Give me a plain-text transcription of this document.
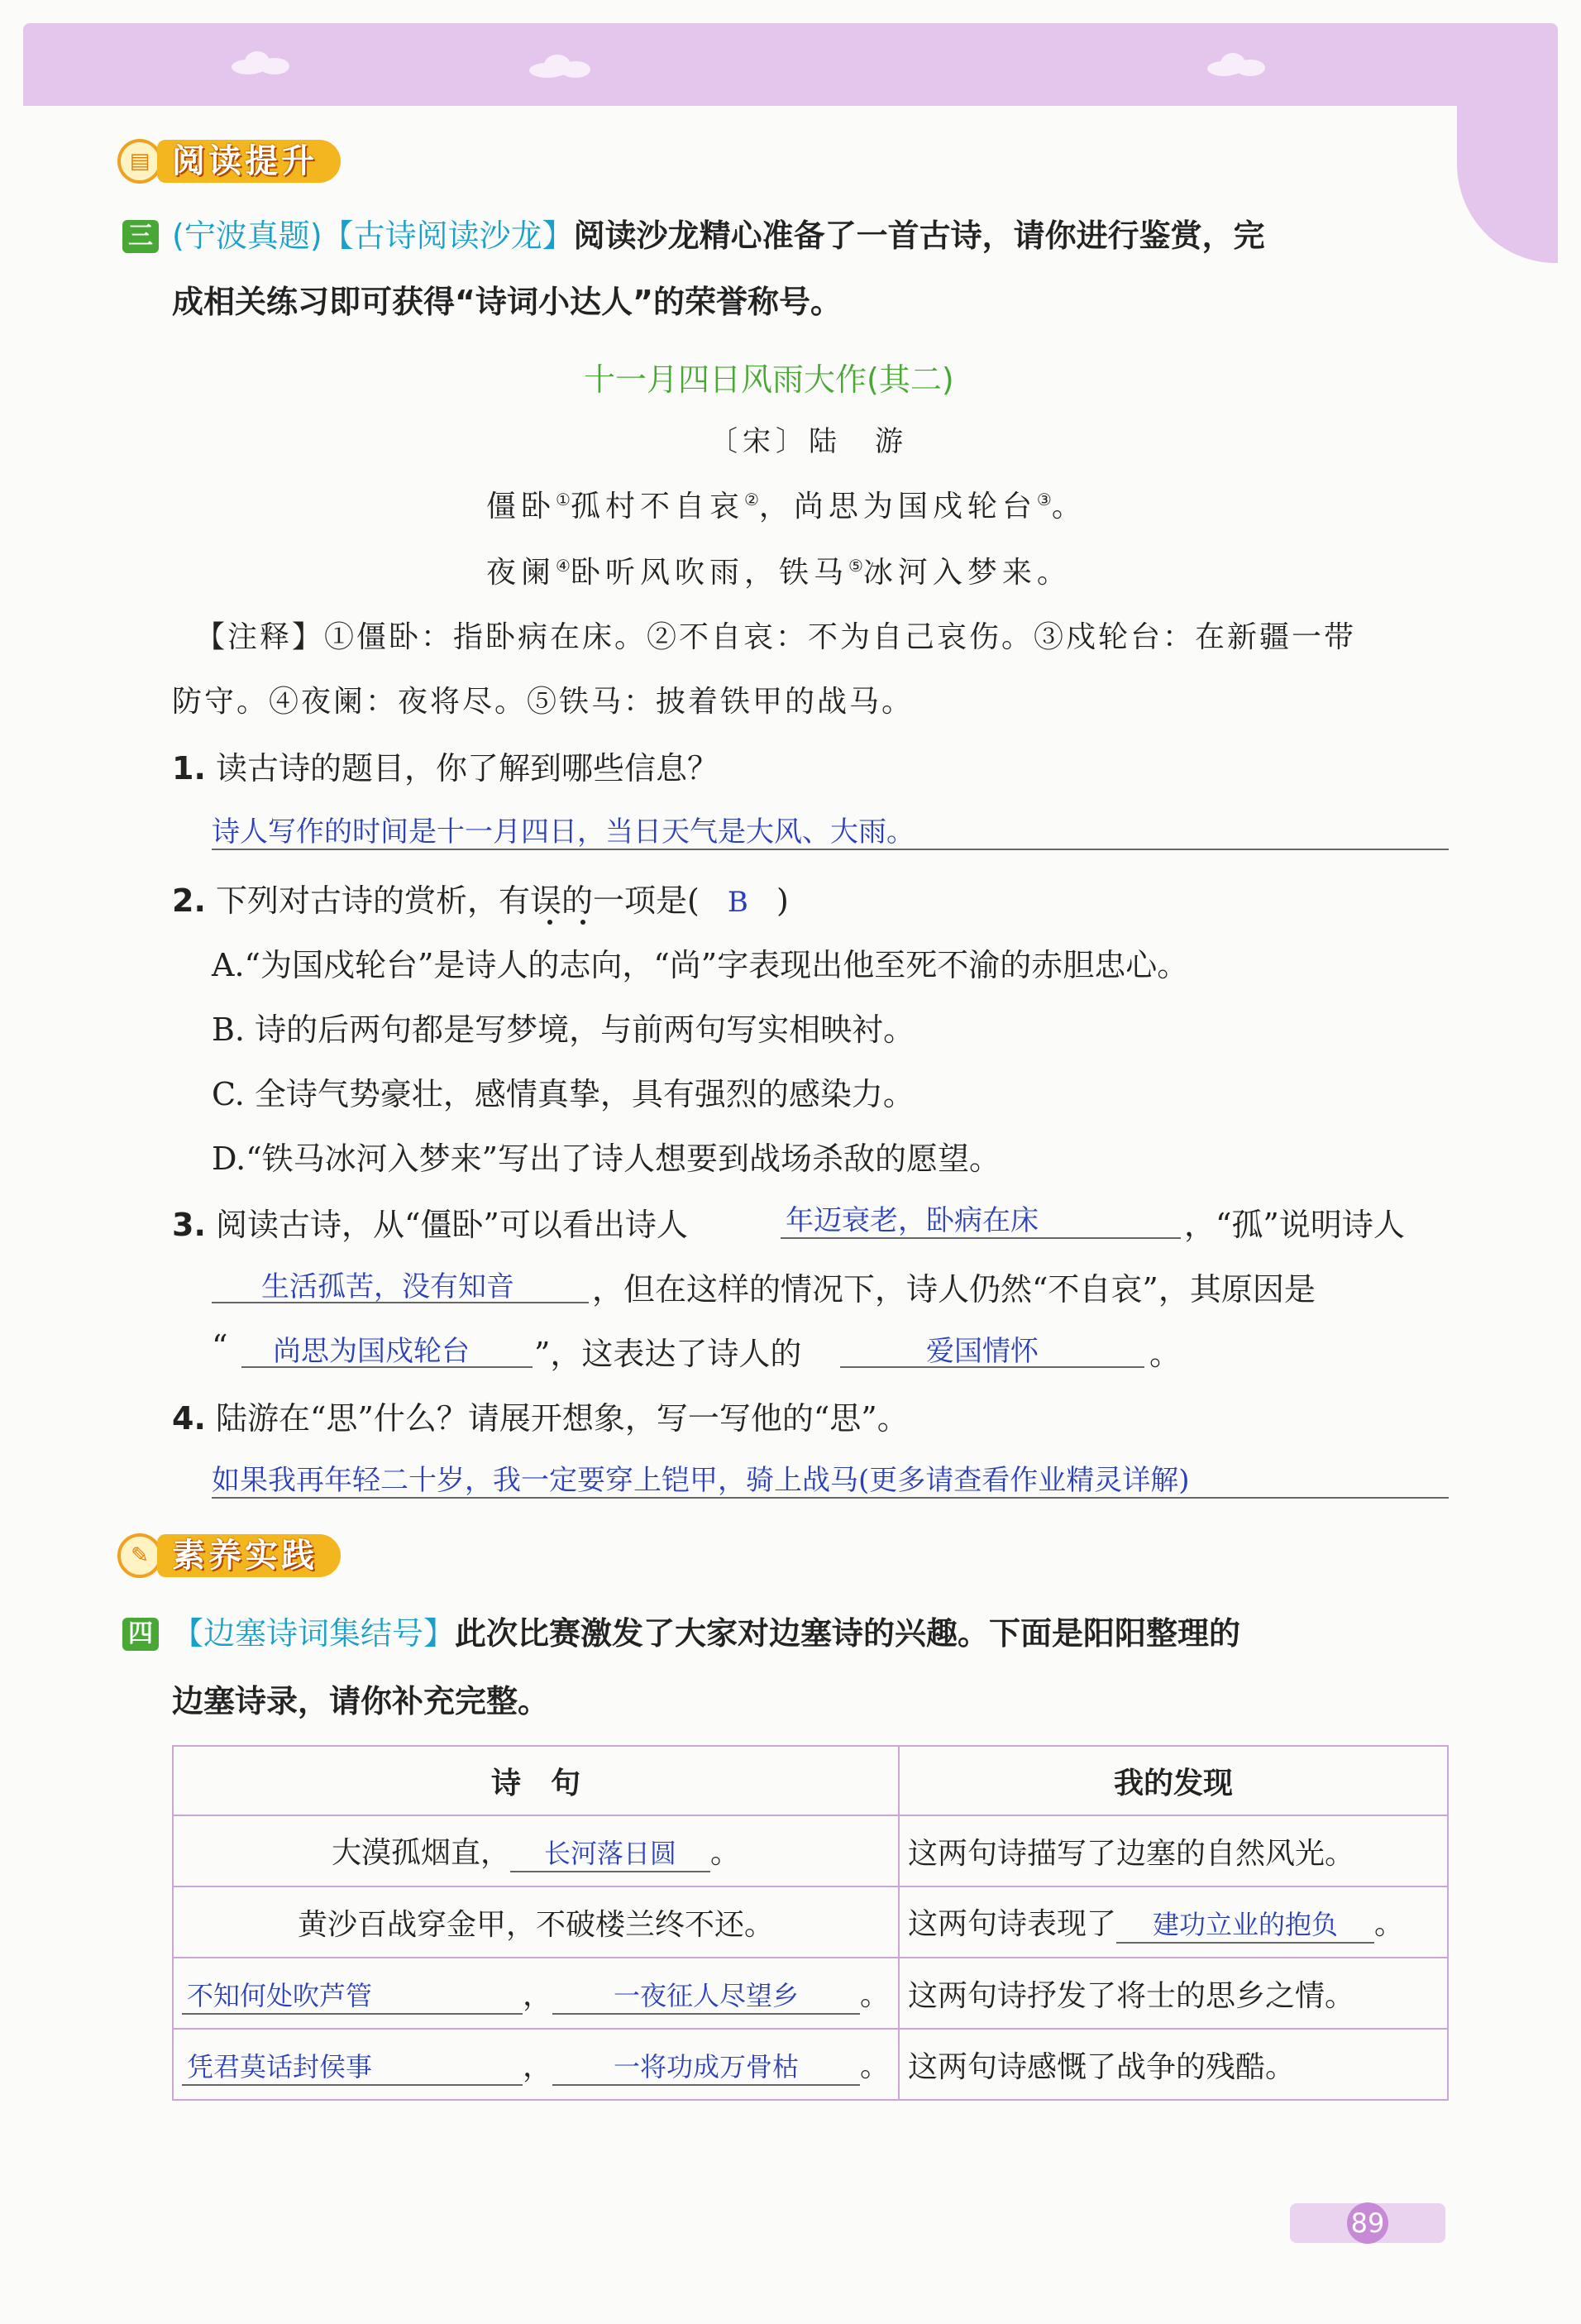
▤ 阅读提升
三 (宁波真题)【古诗阅读沙龙】阅读沙龙精心准备了一首古诗，请你进行鉴赏，完
成相关练习即可获得“诗词小达人”的荣誉称号。
十一月四日风雨大作(其二)
〔宋〕陆　游
僵卧①孤村不自哀②，尚思为国戍轮台③。
夜阑④卧听风吹雨，铁马⑤冰河入梦来。
【注释】①僵卧：指卧病在床。②不自哀：不为自己哀伤。③戍轮台：在新疆一带
防守。④夜阑：夜将尽。⑤铁马：披着铁甲的战马。
1. 读古诗的题目，你了解到哪些信息？
诗人写作的时间是十一月四日，当日天气是大风、大雨。
2. 下列对古诗的赏析，有误的一项是( B )
A.“为国戍轮台”是诗人的志向，“尚”字表现出他至死不渝的赤胆忠心。
B. 诗的后两句都是写梦境，与前两句写实相映衬。
C. 全诗气势豪壮，感情真挚，具有强烈的感染力。
D.“铁马冰河入梦来”写出了诗人想要到战场杀敌的愿望。
3. 阅读古诗，从“僵卧”可以看出诗人	年迈衰老，卧病在床	，“孤”说明诗人
生活孤苦，没有知音 ，但在这样的情况下，诗人仍然“不自哀”，其原因是
“ 尚思为国戍轮台 ”，这表达了诗人的	爱国情怀	。
4. 陆游在“思”什么？请展开想象，写一写他的“思”。
如果我再年轻二十岁，我一定要穿上铠甲，骑上战马(更多请查看作业精灵详解)
✎ 素养实践
四 【边塞诗词集结号】此次比赛激发了大家对边塞诗的兴趣。下面是阳阳整理的
边塞诗录，请你补充完整。
诗　句	我的发现
大漠孤烟直， 长河落日圆 。	这两句诗描写了边塞的自然风光。
黄沙百战穿金甲，不破楼兰终不还。	这两句诗表现了 建功立业的抱负 。
不知何处吹芦管 ， 一夜征人尽望乡 。	这两句诗抒发了将士的思乡之情。
凭君莫话封侯事 ， 一将功成万骨枯 。	这两句诗感慨了战争的残酷。
89
